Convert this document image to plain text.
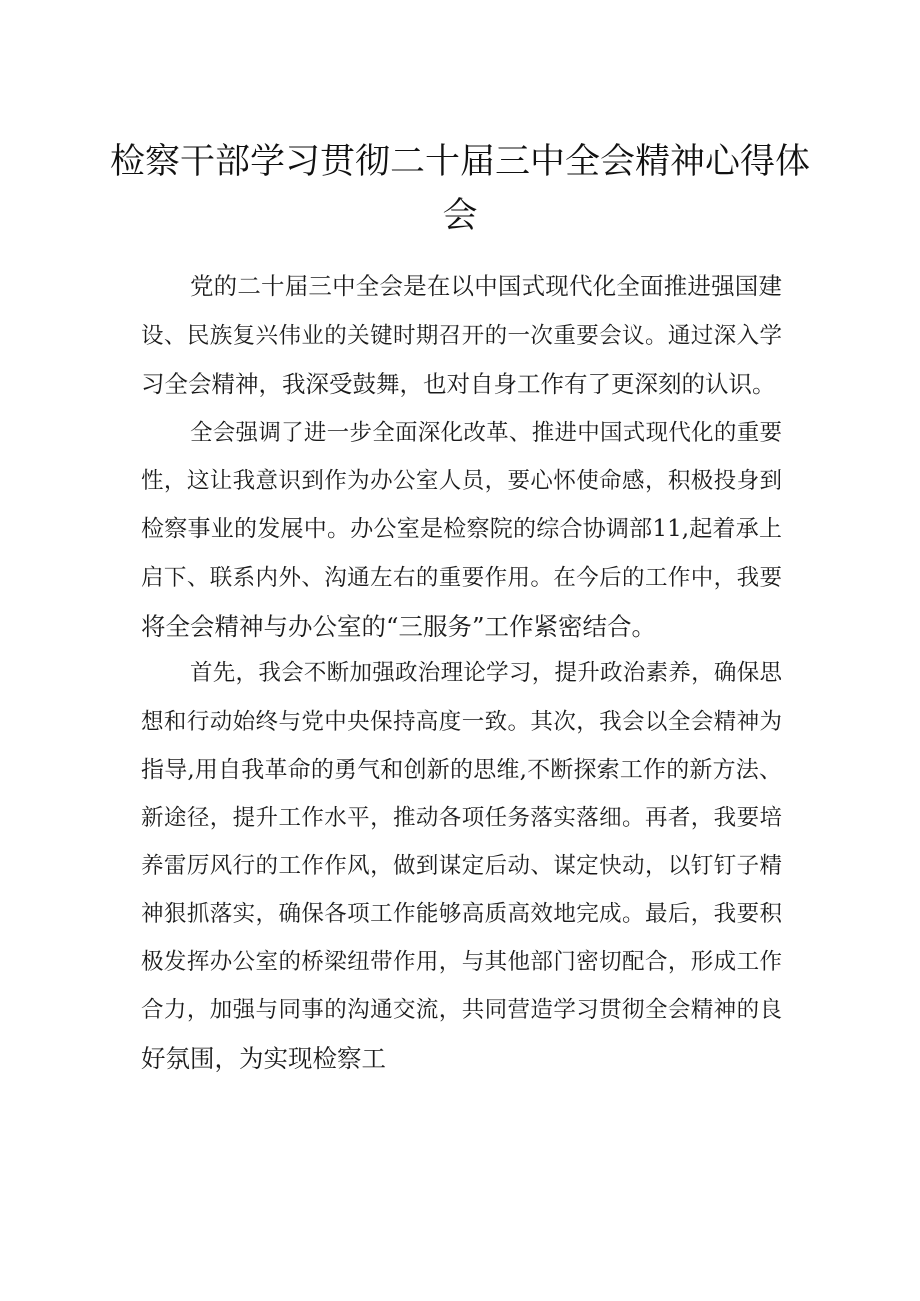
检察干部学习贯彻二十届三中全会精神心得体
会
党的二十届三中全会是在以中国式现代化全面推进强国建
设、民族复兴伟业的关键时期召开的一次重要会议。通过深入学
习全会精神，我深受鼓舞，也对自身工作有了更深刻的认识。
全会强调了进一步全面深化改革、推进中国式现代化的重要
性，这让我意识到作为办公室人员，要心怀使命感，积极投身到
检察事业的发展中。办公室是检察院的综合协调部11,起着承上
启下、联系内外、沟通左右的重要作用。在今后的工作中，我要
将全会精神与办公室的“三服务”工作紧密结合。
首先，我会不断加强政治理论学习，提升政治素养，确保思
想和行动始终与党中央保持高度一致。其次，我会以全会精神为
指导,用自我革命的勇气和创新的思维,不断探索工作的新方法、
新途径，提升工作水平，推动各项任务落实落细。再者，我要培
养雷厉风行的工作作风，做到谋定后动、谋定快动，以钉钉子精
神狠抓落实，确保各项工作能够高质高效地完成。最后，我要积
极发挥办公室的桥梁纽带作用，与其他部门密切配合，形成工作
合力，加强与同事的沟通交流，共同营造学习贯彻全会精神的良
好氛围，为实现检察工
